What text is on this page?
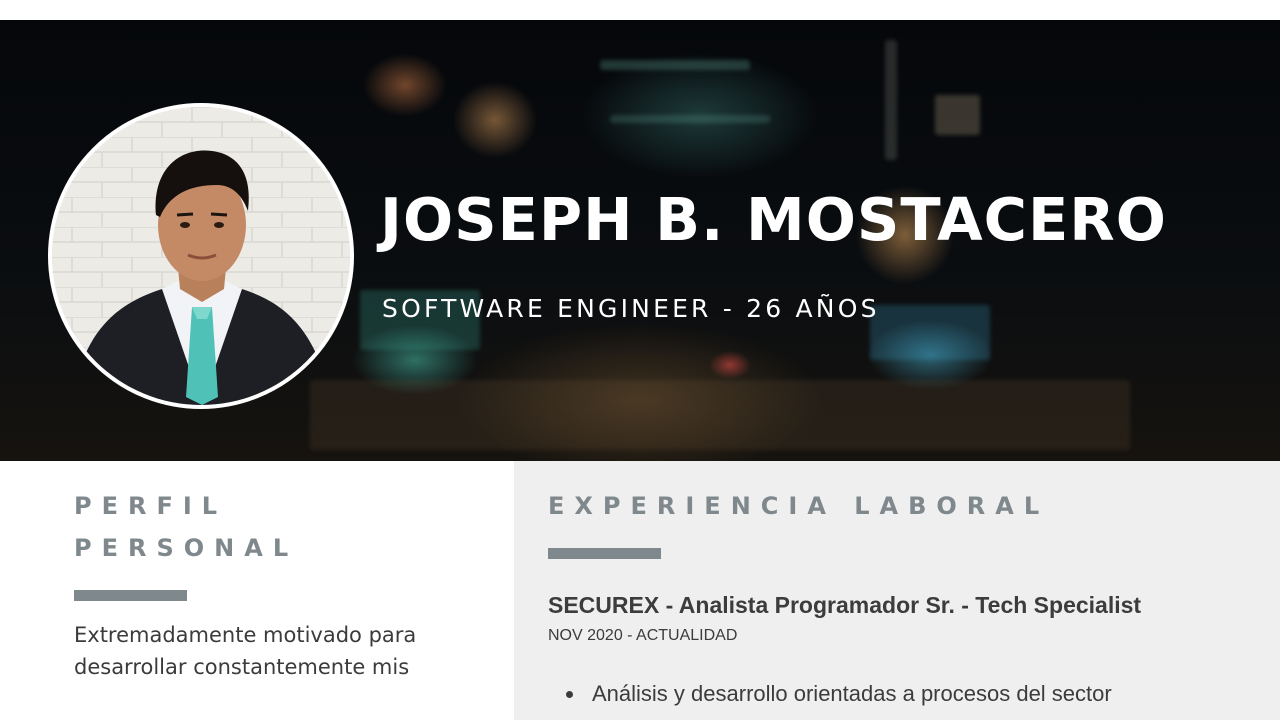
JOSEPH B. MOSTACERO
SOFTWARE ENGINEER - 26 AÑOS
PERFIL
PERSONAL
Extremadamente motivado para desarrollar constantemente mis
EXPERIENCIA LABORAL
SECUREX - Analista Programador Sr. - Tech Specialist
NOV 2020 - ACTUALIDAD
Análisis y desarrollo orientadas a procesos del sector
